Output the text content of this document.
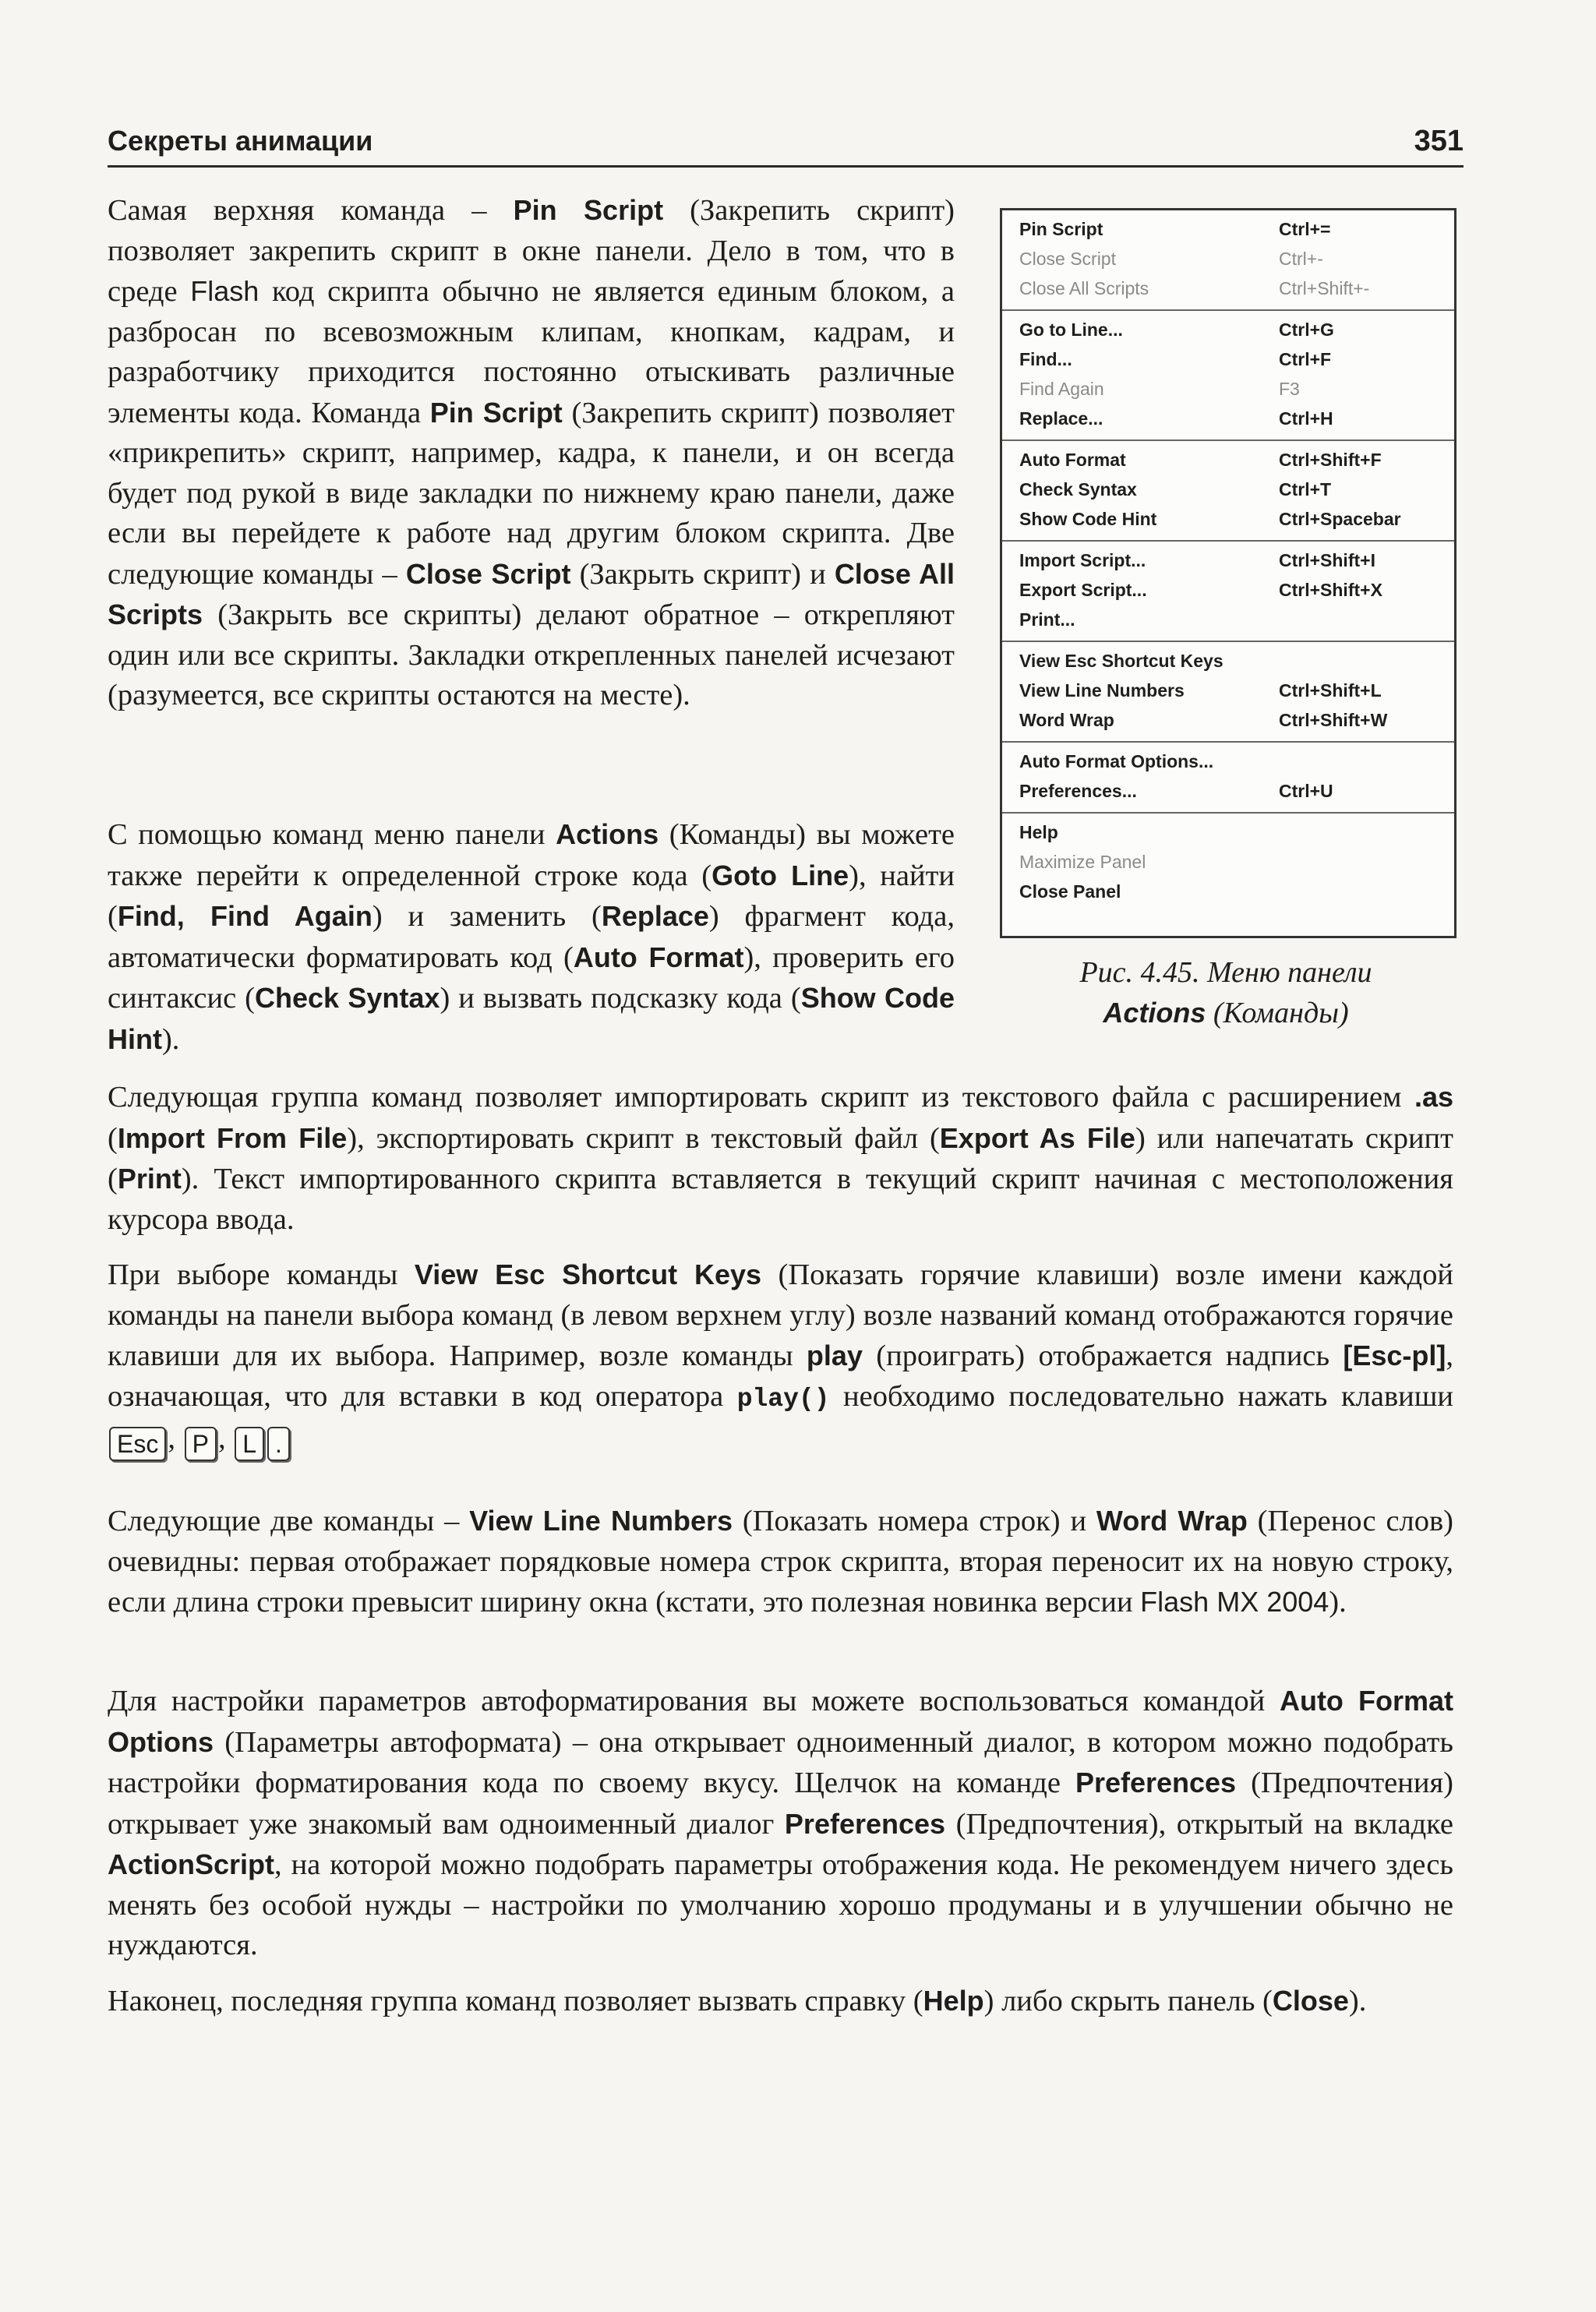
Секреты анимации	351

Самая верхняя команда – Pin Script (Закрепить скрипт) позволяет закрепить скрипт в окне панели. Дело в том, что в среде Flash код скрипта обычно не является единым блоком, а разбросан по всевозможным клипам, кнопкам, кадрам, и разработчику приходится постоянно отыскивать различные элементы кода. Команда Pin Script (Закрепить скрипт) позволяет «прикрепить» скрипт, например, кадра, к панели, и он всегда будет под рукой в виде закладки по нижнему краю панели, даже если вы перейдете к работе над другим блоком скрипта. Две следующие команды – Close Script (Закрыть скрипт) и Close All Scripts (Закрыть все скрипты) делают обратное – открепляют один или все скрипты. Закладки открепленных панелей исчезают (разумеется, все скрипты остаются на месте).

С помощью команд меню панели Actions (Команды) вы можете также перейти к определенной строке кода (Goto Line), найти (Find, Find Again) и заменить (Replace) фрагмент кода, автоматически форматировать код (Auto Format), проверить его синтаксис (Check Syntax) и вызвать подсказку кода (Show Code Hint).

Pin Script	Ctrl+=
Close Script	Ctrl+-
Close All Scripts	Ctrl+Shift+-
Go to Line...	Ctrl+G
Find...	Ctrl+F
Find Again	F3
Replace...	Ctrl+H
Auto Format	Ctrl+Shift+F
Check Syntax	Ctrl+T
Show Code Hint	Ctrl+Spacebar
Import Script...	Ctrl+Shift+I
Export Script...	Ctrl+Shift+X
Print...
View Esc Shortcut Keys
View Line Numbers	Ctrl+Shift+L
Word Wrap	Ctrl+Shift+W
Auto Format Options...
Preferences...	Ctrl+U
Help
Maximize Panel
Close Panel
Рис. 4.45. Меню панели
Actions (Команды)

Следующая группа команд позволяет импортировать скрипт из текстового файла с расширением .as (Import From File), экспортировать скрипт в текстовый файл (Export As File) или напечатать скрипт (Print). Текст импортированного скрипта вставляется в текущий скрипт начиная с местоположения курсора ввода.

При выборе команды View Esc Shortcut Keys (Показать горячие клавиши) возле имени каждой команды на панели выбора команд (в левом верхнем углу) возле названий команд отображаются горячие клавиши для их выбора. Например, возле команды play (проиграть) отображается надпись [Esc-pl], означающая, что для вставки в код оператора play() необходимо последовательно нажать клавиши Esc , P , L .

Следующие две команды – View Line Numbers (Показать номера строк) и Word Wrap (Перенос слов) очевидны: первая отображает порядковые номера строк скрипта, вторая переносит их на новую строку, если длина строки превысит ширину окна (кстати, это полезная новинка версии Flash MX 2004).

Для настройки параметров автоформатирования вы можете воспользоваться командой Auto Format Options (Параметры автоформата) – она открывает одноименный диалог, в котором можно подобрать настройки форматирования кода по своему вкусу. Щелчок на команде Preferences (Предпочтения) открывает уже знакомый вам одноименный диалог Preferences (Предпочтения), открытый на вкладке ActionScript, на которой можно подобрать параметры отображения кода. Не рекомендуем ничего здесь менять без особой нужды – настройки по умолчанию хорошо продуманы и в улучшении обычно не нуждаются.

Наконец, последняя группа команд позволяет вызвать справку (Help) либо скрыть панель (Close).
